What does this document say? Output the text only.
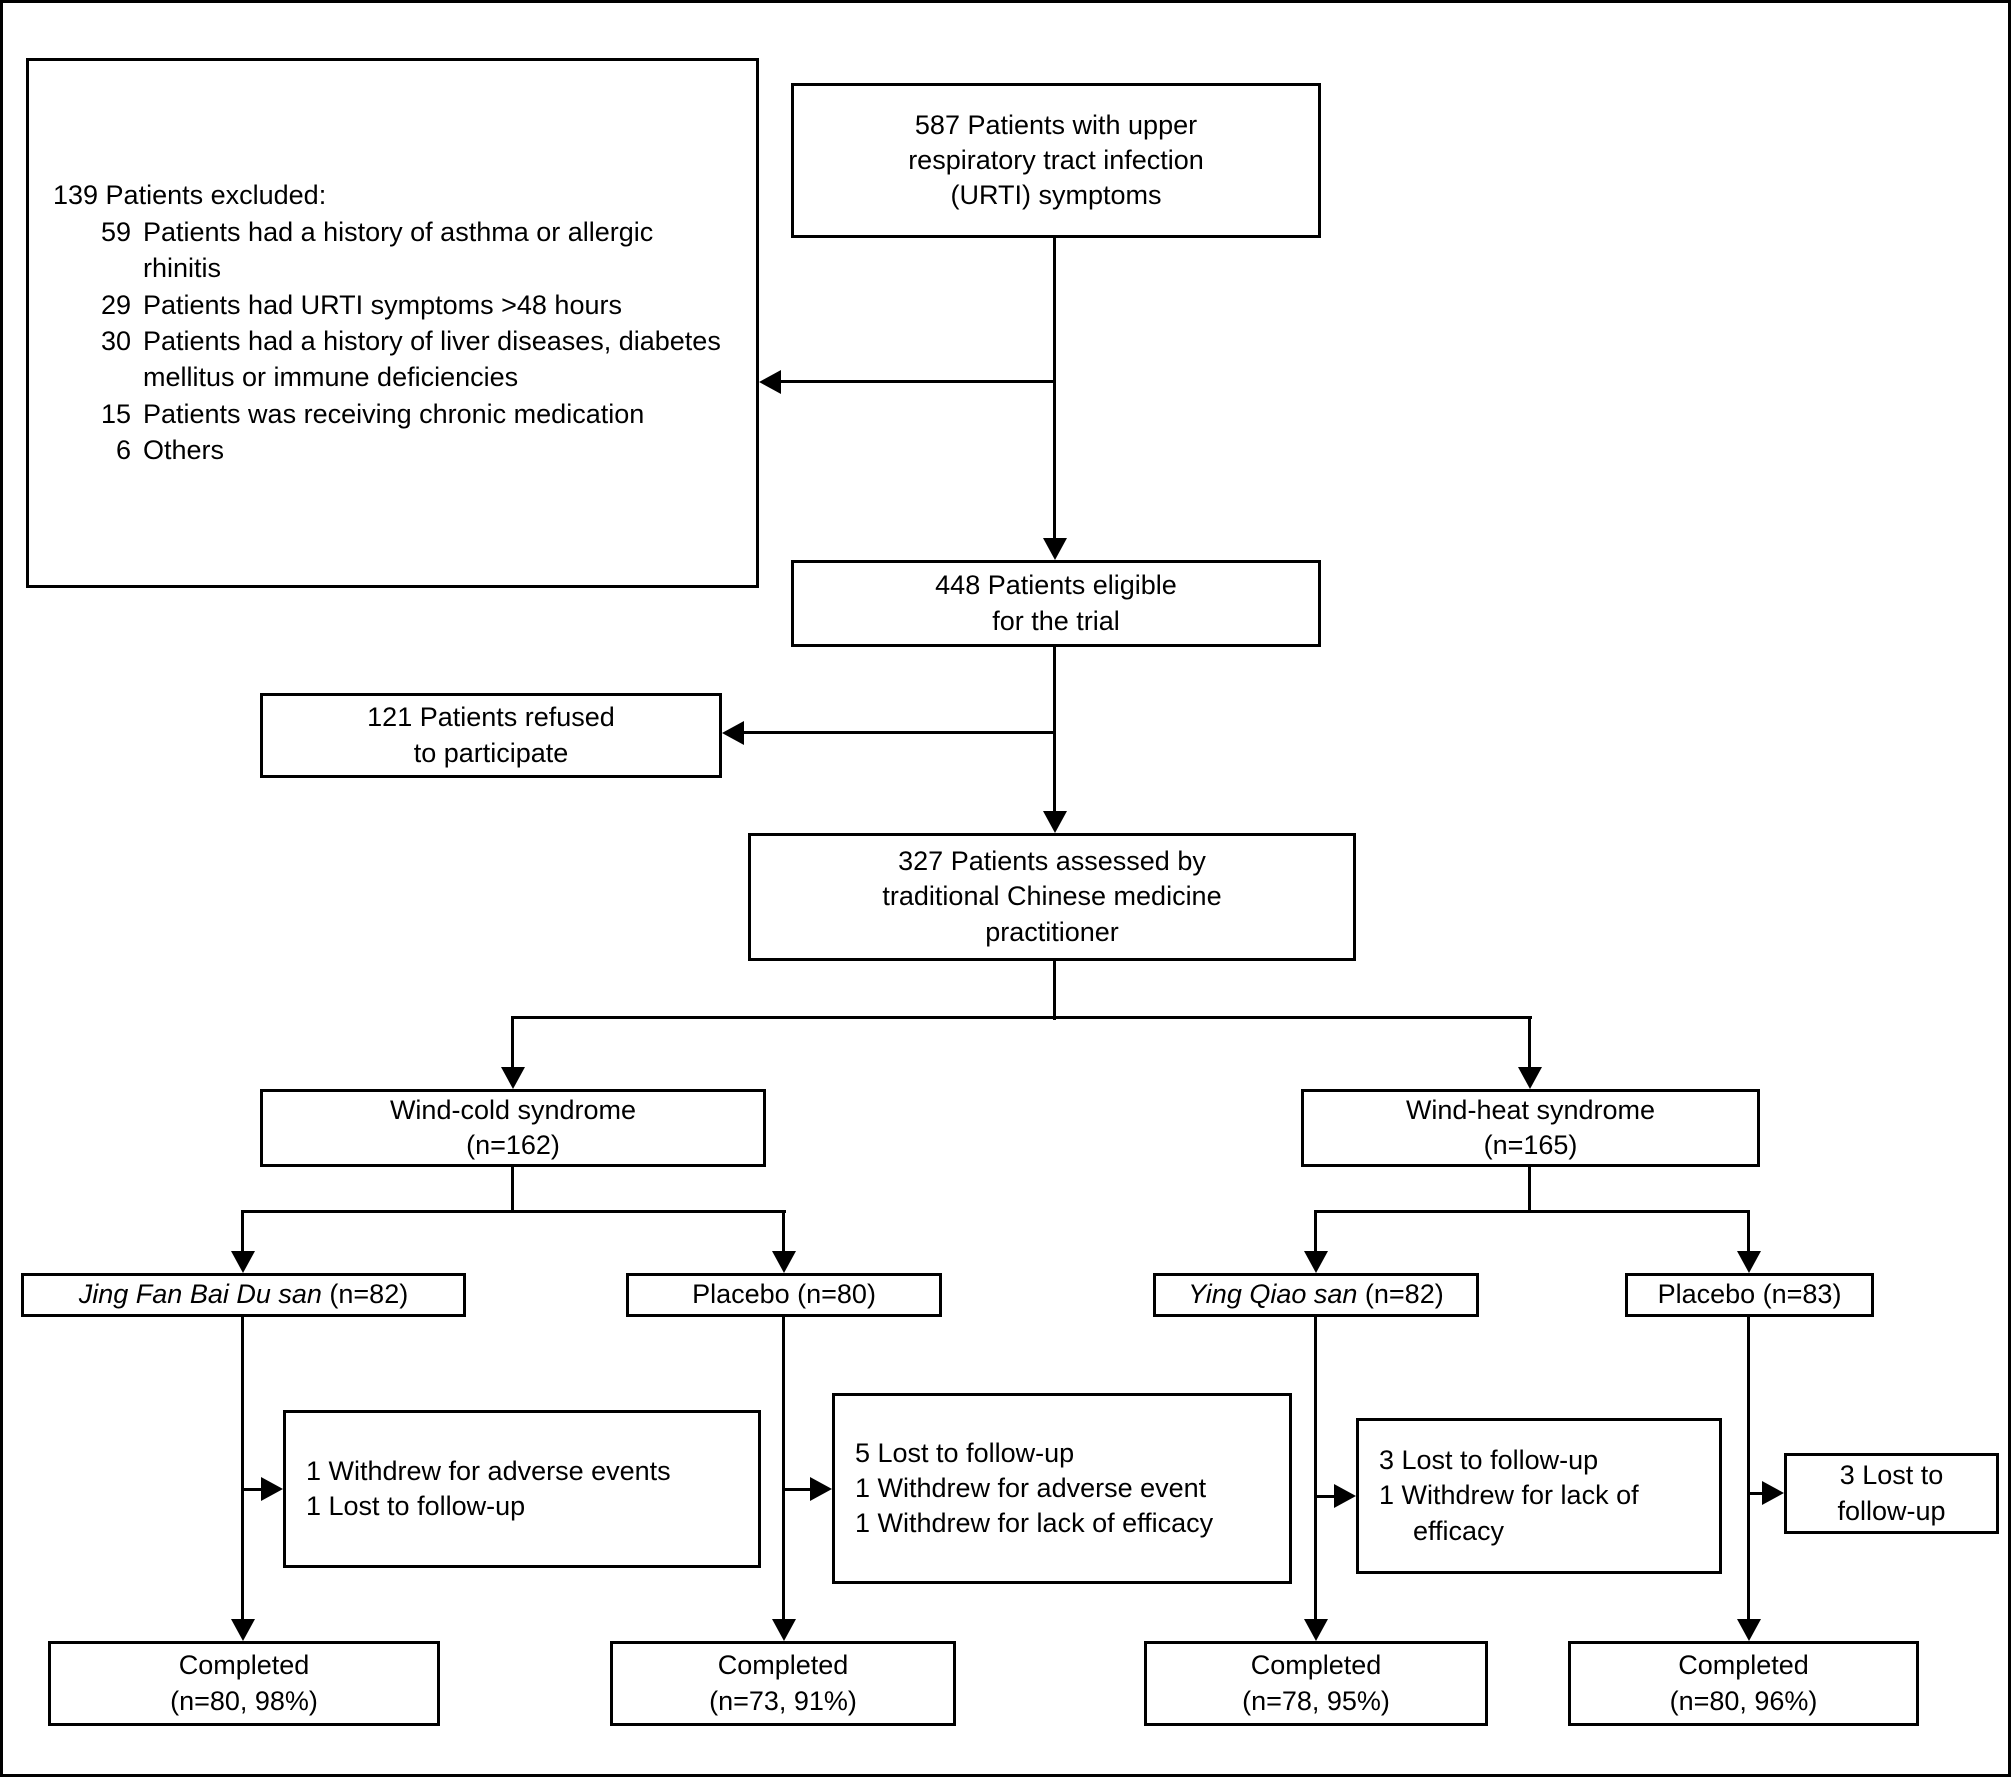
587 Patients with upper
respiratory tract infection
(URTI) symptoms
139 Patients excluded:
59 Patients had a history of asthma or allergic rhinitis
29 Patients had URTI symptoms >48 hours
30 Patients had a history of liver diseases, diabetes mellitus or immune deficiencies
15 Patients was receiving chronic medication
6 Others
448 Patients eligible
for the trial
121 Patients refused
to participate
327 Patients assessed by
traditional Chinese medicine
practitioner
Wind-cold syndrome
(n=162)
Wind-heat syndrome
(n=165)
Jing Fan Bai Du san (n=82)	Placebo (n=80)	Ying Qiao san (n=82)	Placebo (n=83)
1 Withdrew for adverse events
1 Lost to follow-up
5 Lost to follow-up
1 Withdrew for adverse event
1 Withdrew for lack of efficacy
3 Lost to follow-up
1 Withdrew for lack of
efficacy
3 Lost to
follow-up
Completed
(n=80, 98%)
Completed
(n=73, 91%)
Completed
(n=78, 95%)
Completed
(n=80, 96%)
